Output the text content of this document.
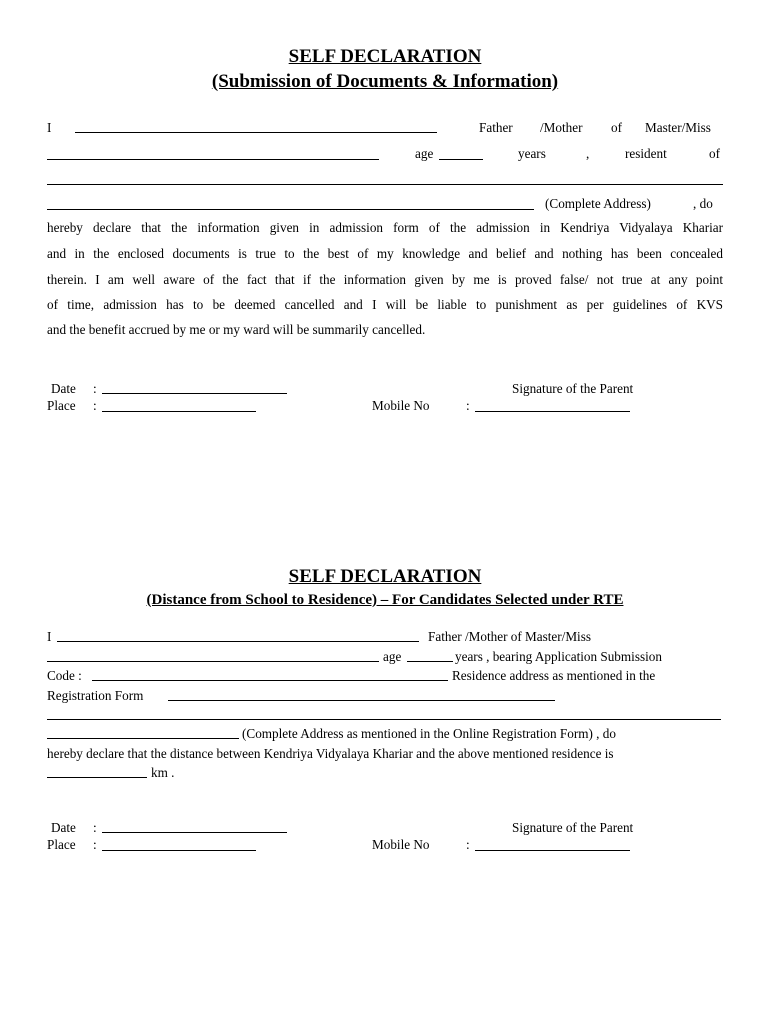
SELF DECLARATION
(Submission of Documents & Information)
I	Father /Mother of Master/Miss
age	years	,	resident	of
(Complete Address)	, do
hereby declare that the information given in admission form of the admission in Kendriya Vidyalaya Khariar
and in the enclosed documents is true to the best of my knowledge and belief and nothing has been concealed
therein. I am well aware of the fact that if the information given by me is proved false/ not true at any point
of time, admission has to be deemed cancelled and I will be liable to punishment as per guidelines of KVS
and the benefit accrued by me or my ward will be summarily cancelled.
Date :	Signature of the Parent
Place :	Mobile No	:
SELF DECLARATION
(Distance from School to Residence) – For Candidates Selected under RTE
I	Father /Mother of Master/Miss
age	years , bearing Application Submission
Code :	Residence address as mentioned in the
Registration Form
(Complete Address as mentioned in the Online Registration Form) , do
hereby declare that the distance between Kendriya Vidyalaya Khariar and the above mentioned residence is
km .
Date :	Signature of the Parent
Place :	Mobile No	:
